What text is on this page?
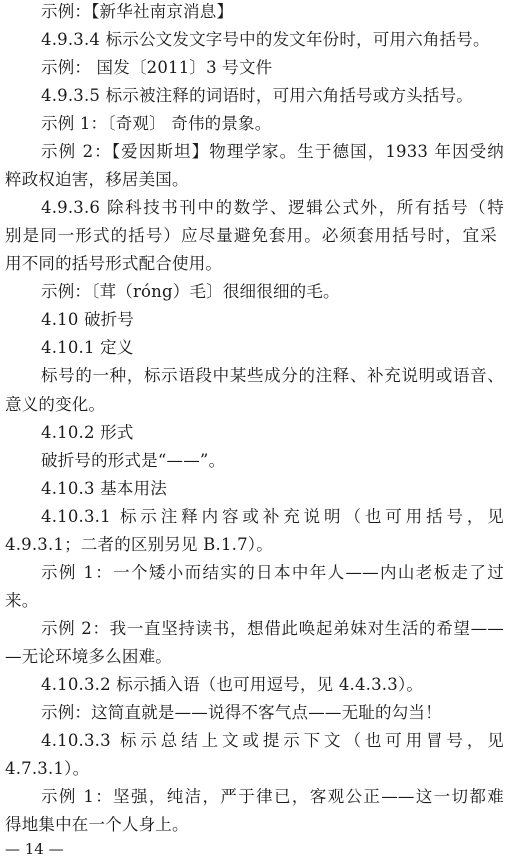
示例：【新华社南京消息】
4.9.3.4 标示公文发文字号中的发文年份时，可用六角括号。
示例： 国发〔2011〕3 号文件
4.9.3.5 标示被注释的词语时，可用六角括号或方头括号。
示例 1：〔奇观〕 奇伟的景象。
示例 2：【爱因斯坦】物理学家。生于德国，1933 年因受纳
粹政权迫害，移居美国。
4.9.3.6 除科技书刊中的数学、逻辑公式外，所有括号（特
别是同一形式的括号）应尽量避免套用。必须套用括号时，宜采
用不同的括号形式配合使用。
示例：〔茸（róng）毛〕很细很细的毛。
4.10 破折号
4.10.1 定义
标号的一种，标示语段中某些成分的注释、补充说明或语音、
意义的变化。
4.10.2 形式
破折号的形式是“——”。
4.10.3 基本用法
4.10.3.1 标示注释内容或补充说明（也可用括号，见
4.9.3.1；二者的区别另见 B.1.7）。
示例 1：一个矮小而结实的日本中年人——内山老板走了过
来。
示例 2：我一直坚持读书，想借此唤起弟妹对生活的希望——
—无论环境多么困难。
4.10.3.2 标示插入语（也可用逗号，见 4.4.3.3）。
示例：这简直就是——说得不客气点——无耻的勾当！
4.10.3.3 标示总结上文或提示下文（也可用冒号，见
4.7.3.1）。
示例 1：坚强，纯洁，严于律已，客观公正——这一切都难
得地集中在一个人身上。
— 14 —
